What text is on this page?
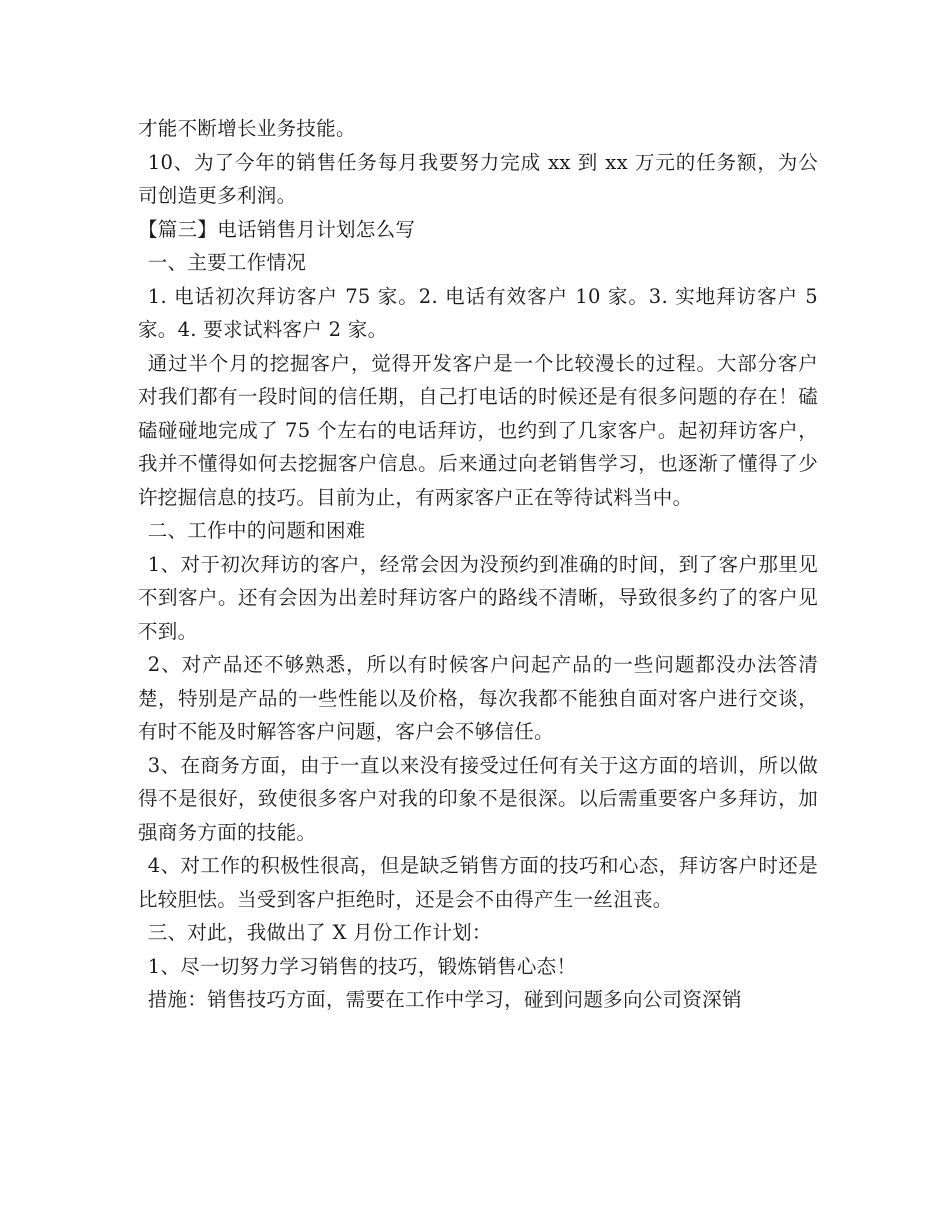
才能不断增长业务技能。

10、为了今年的销售任务每月我要努力完成 xx 到 xx 万元的任务额，为公司创造更多利润。

【篇三】电话销售月计划怎么写

一、主要工作情况

1. 电话初次拜访客户 75 家。2. 电话有效客户 10 家。3. 实地拜访客户 5 家。4. 要求试料客户 2 家。

通过半个月的挖掘客户，觉得开发客户是一个比较漫长的过程。大部分客户对我们都有一段时间的信任期，自己打电话的时候还是有很多问题的存在！磕磕碰碰地完成了 75 个左右的电话拜访，也约到了几家客户。起初拜访客户，我并不懂得如何去挖掘客户信息。后来通过向老销售学习，也逐渐了懂得了少许挖掘信息的技巧。目前为止，有两家客户正在等待试料当中。

二、工作中的问题和困难

1、对于初次拜访的客户，经常会因为没预约到准确的时间，到了客户那里见不到客户。还有会因为出差时拜访客户的路线不清晰，导致很多约了的客户见不到。

2、对产品还不够熟悉，所以有时候客户问起产品的一些问题都没办法答清楚，特别是产品的一些性能以及价格，每次我都不能独自面对客户进行交谈，有时不能及时解答客户问题，客户会不够信任。

3、在商务方面，由于一直以来没有接受过任何有关于这方面的培训，所以做得不是很好，致使很多客户对我的印象不是很深。以后需重要客户多拜访，加强商务方面的技能。

4、对工作的积极性很高，但是缺乏销售方面的技巧和心态，拜访客户时还是比较胆怯。当受到客户拒绝时，还是会不由得产生一丝沮丧。

三、对此，我做出了 X 月份工作计划：

1、尽一切努力学习销售的技巧，锻炼销售心态！

措施：销售技巧方面，需要在工作中学习，碰到问题多向公司资深销
